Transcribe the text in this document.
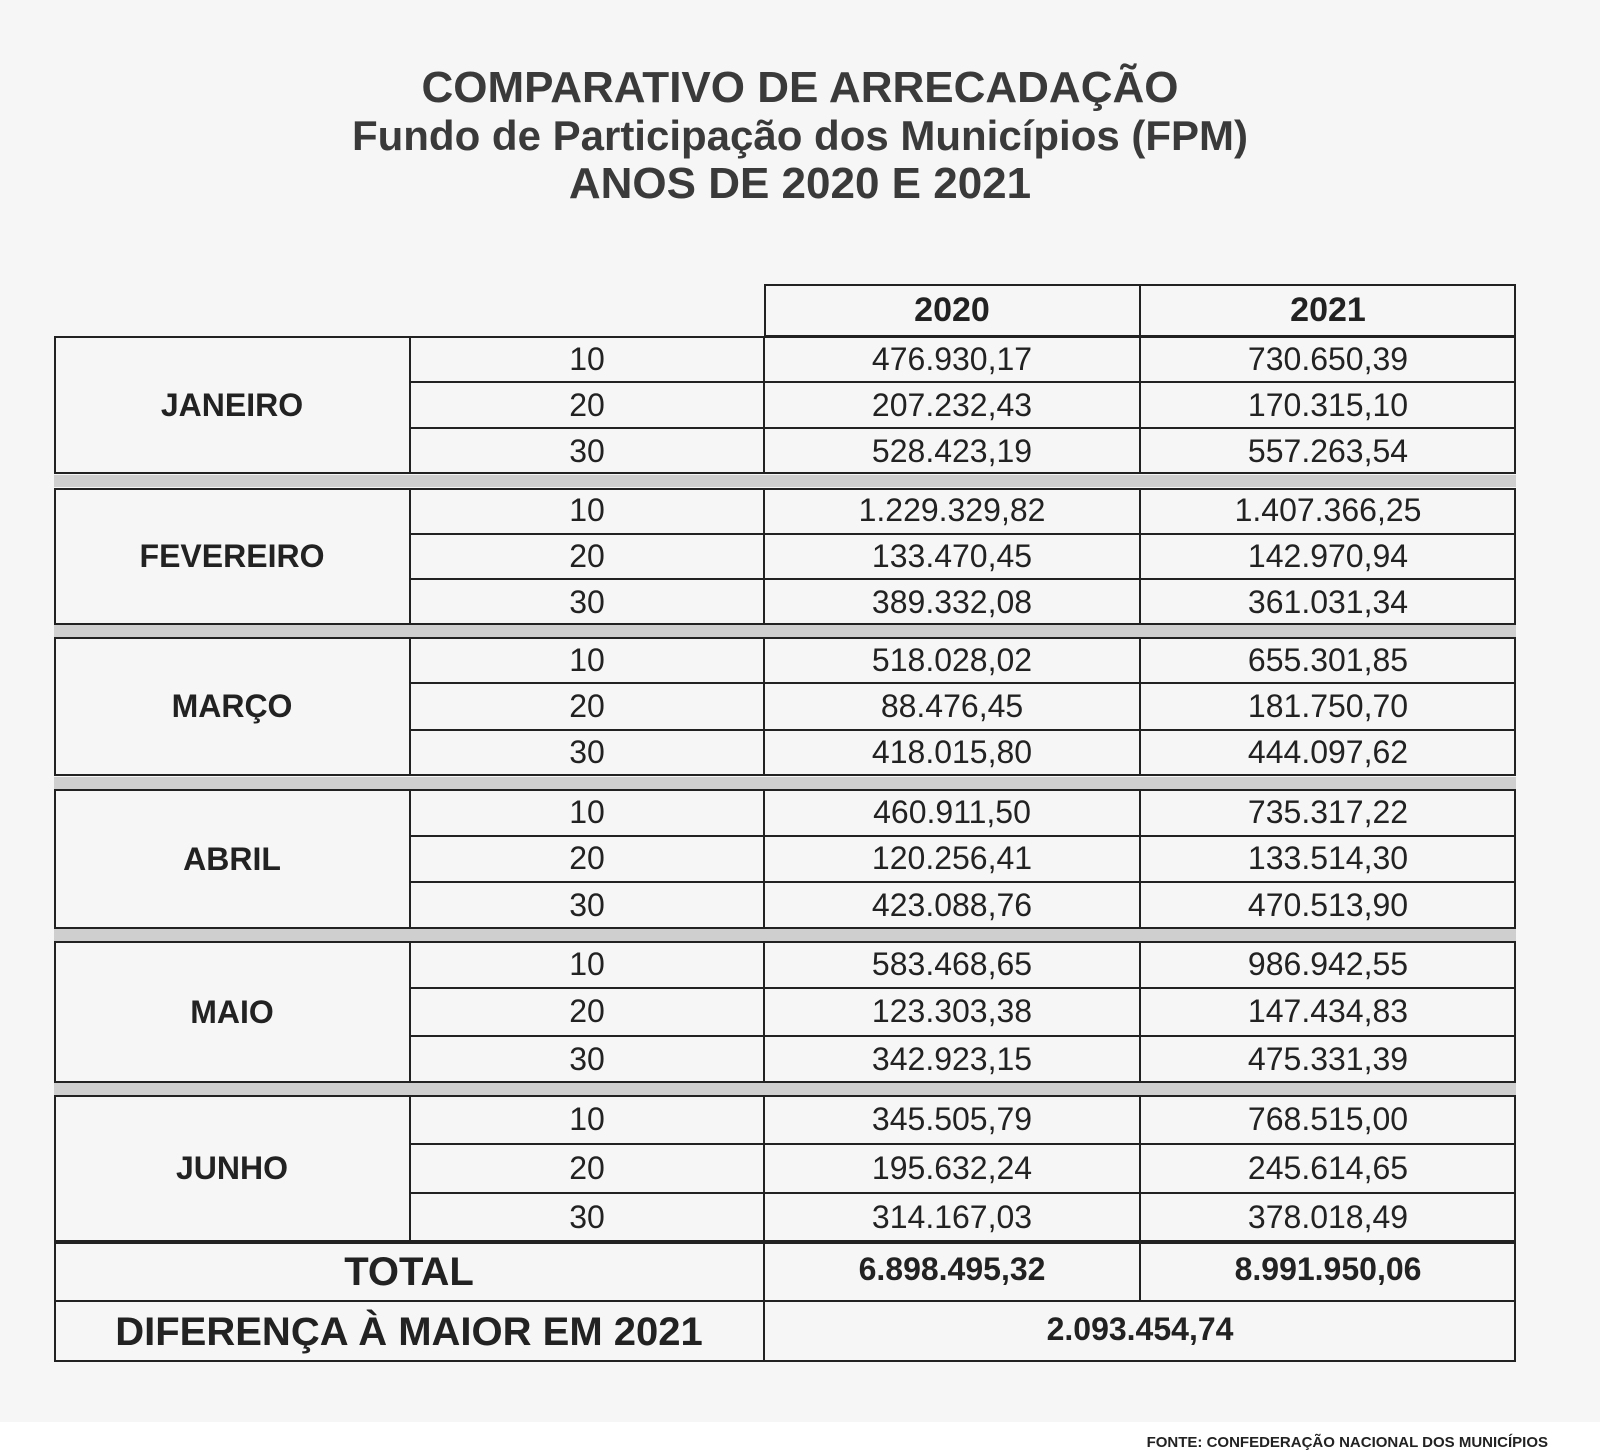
COMPARATIVO DE ARRECADAÇÃO
Fundo de Participação dos Municípios (FPM)
ANOS DE 2020 E 2021
2020	2021
JANEIRO
10	476.930,17	730.650,39
20	207.232,43	170.315,10
30	528.423,19	557.263,54
FEVEREIRO
10	1.229.329,82	1.407.366,25
20	133.470,45	142.970,94
30	389.332,08	361.031,34
MARÇO
10	518.028,02	655.301,85
20	88.476,45	181.750,70
30	418.015,80	444.097,62
ABRIL
10	460.911,50	735.317,22
20	120.256,41	133.514,30
30	423.088,76	470.513,90
MAIO
10	583.468,65	986.942,55
20	123.303,38	147.434,83
30	342.923,15	475.331,39
JUNHO
10	345.505,79	768.515,00
20	195.632,24	245.614,65
30	314.167,03	378.018,49
TOTAL	6.898.495,32	8.991.950,06
DIFERENÇA À MAIOR EM 2021	2.093.454,74
FONTE: CONFEDERAÇÃO NACIONAL DOS MUNICÍPIOS
